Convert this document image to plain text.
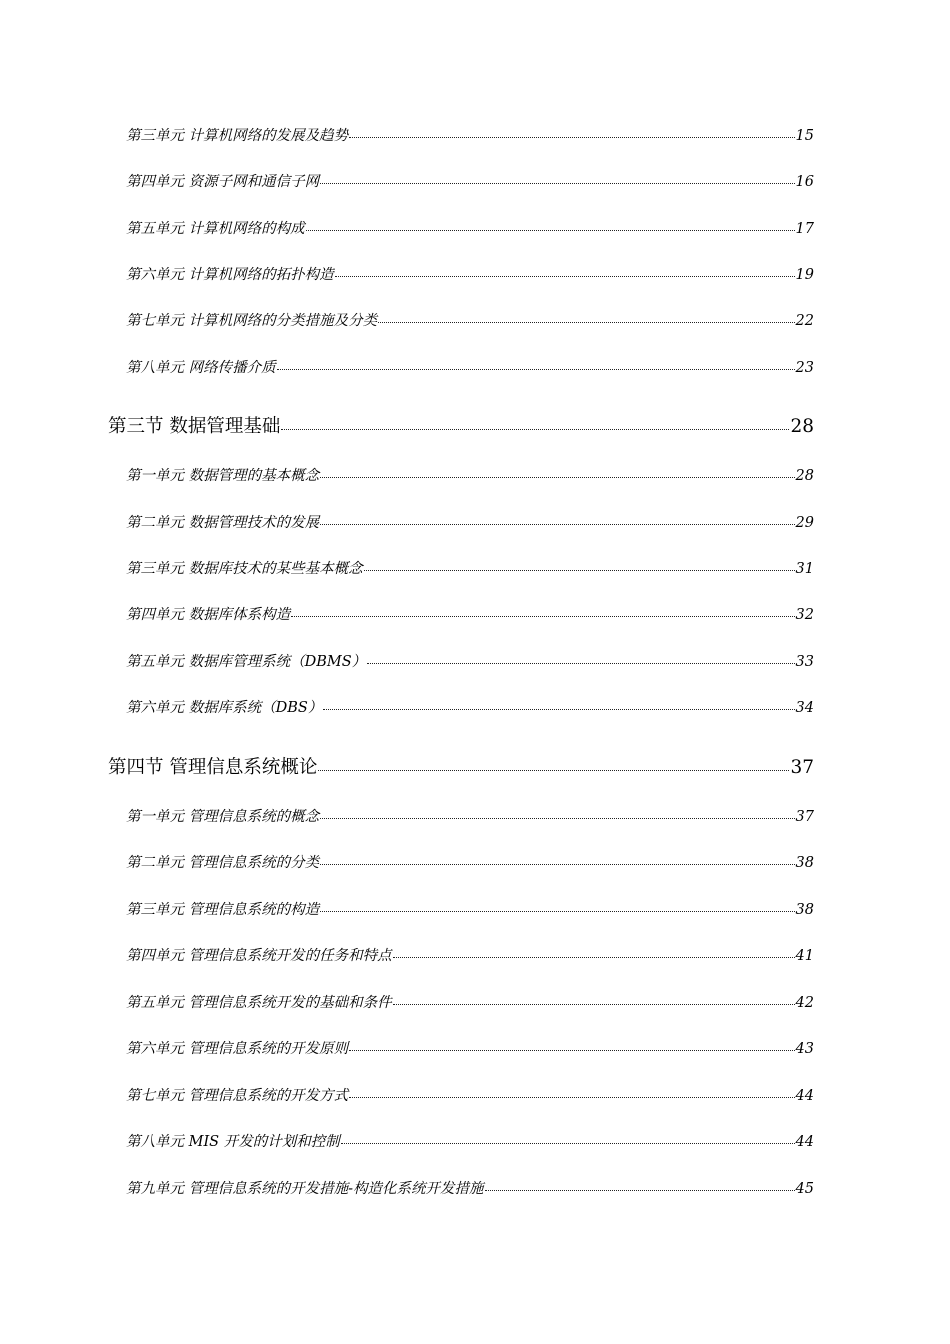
第三单元 计算机网络的发展及趋势	15
第四单元 资源子网和通信子网	16
第五单元 计算机网络的构成	17
第六单元 计算机网络的拓扑构造	19
第七单元 计算机网络的分类措施及分类	22
第八单元 网络传播介质	23
第三节 数据管理基础	28
第一单元 数据管理的基本概念	28
第二单元 数据管理技术的发展	29
第三单元 数据库技术的某些基本概念	31
第四单元 数据库体系构造	32
第五单元 数据库管理系统（DBMS）	33
第六单元 数据库系统（DBS）	34
第四节 管理信息系统概论	37
第一单元 管理信息系统的概念	37
第二单元 管理信息系统的分类	38
第三单元 管理信息系统的构造	38
第四单元 管理信息系统开发的任务和特点	41
第五单元 管理信息系统开发的基础和条件	42
第六单元 管理信息系统的开发原则	43
第七单元 管理信息系统的开发方式	44
第八单元 MIS 开发的计划和控制	44
第九单元 管理信息系统的开发措施-构造化系统开发措施	45
